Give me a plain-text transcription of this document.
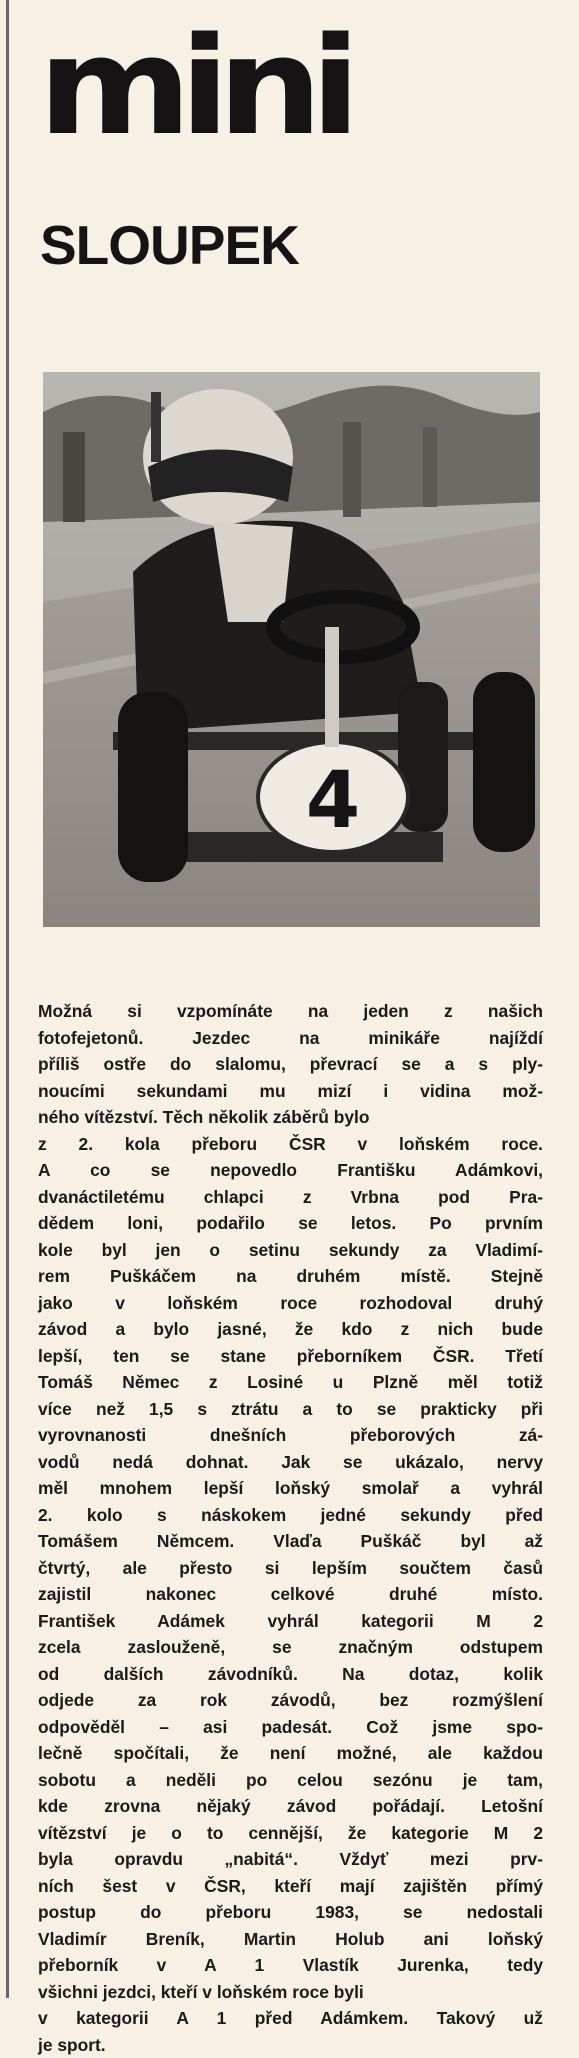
mini
SLOUPEK
4
Možná si vzpomínáte na jeden z našich
fotofejetonů. Jezdec na minikáře najíždí
příliš ostře do slalomu, převrací se a s ply-
noucími sekundami mu mizí i vidina mož-
ného vítězství. Těch několik záběrů bylo
z 2. kola přeboru ČSR v loňském roce.
A co se nepovedlo Františku Adámkovi,
dvanáctiletému chlapci z Vrbna pod Pra-
dědem loni, podařilo se letos. Po prvním
kole byl jen o setinu sekundy za Vladimí-
rem Puškáčem na druhém místě. Stejně
jako v loňském roce rozhodoval druhý
závod a bylo jasné, že kdo z nich bude
lepší, ten se stane přeborníkem ČSR. Třetí
Tomáš Němec z Losiné u Plzně měl totiž
více než 1,5 s ztrátu a to se prakticky při
vyrovnanosti dnešních přeborových zá-
vodů nedá dohnat. Jak se ukázalo, nervy
měl mnohem lepší loňský smolař a vyhrál
2. kolo s náskokem jedné sekundy před
Tomášem Němcem. Vlaďa Puškáč byl až
čtvrtý, ale přesto si lepším součtem časů
zajistil nakonec celkové druhé místo.
František Adámek vyhrál kategorii M 2
zcela zaslouženě, se značným odstupem
od dalších závodníků. Na dotaz, kolik
odjede za rok závodů, bez rozmýšlení
odpověděl – asi padesát. Což jsme spo-
lečně spočítali, že není možné, ale každou
sobotu a neděli po celou sezónu je tam,
kde zrovna nějaký závod pořádají. Letošní
vítězství je o to cennější, že kategorie M 2
byla opravdu „nabitá“. Vždyť mezi prv-
ních šest v ČSR, kteří mají zajištěn přímý
postup do přeboru 1983, se nedostali
Vladimír Breník, Martin Holub ani loňský
přeborník v A 1 Vlastík Jurenka, tedy
všichni jezdci, kteří v loňském roce byli
v kategorii A 1 před Adámkem. Takový už
je sport.
